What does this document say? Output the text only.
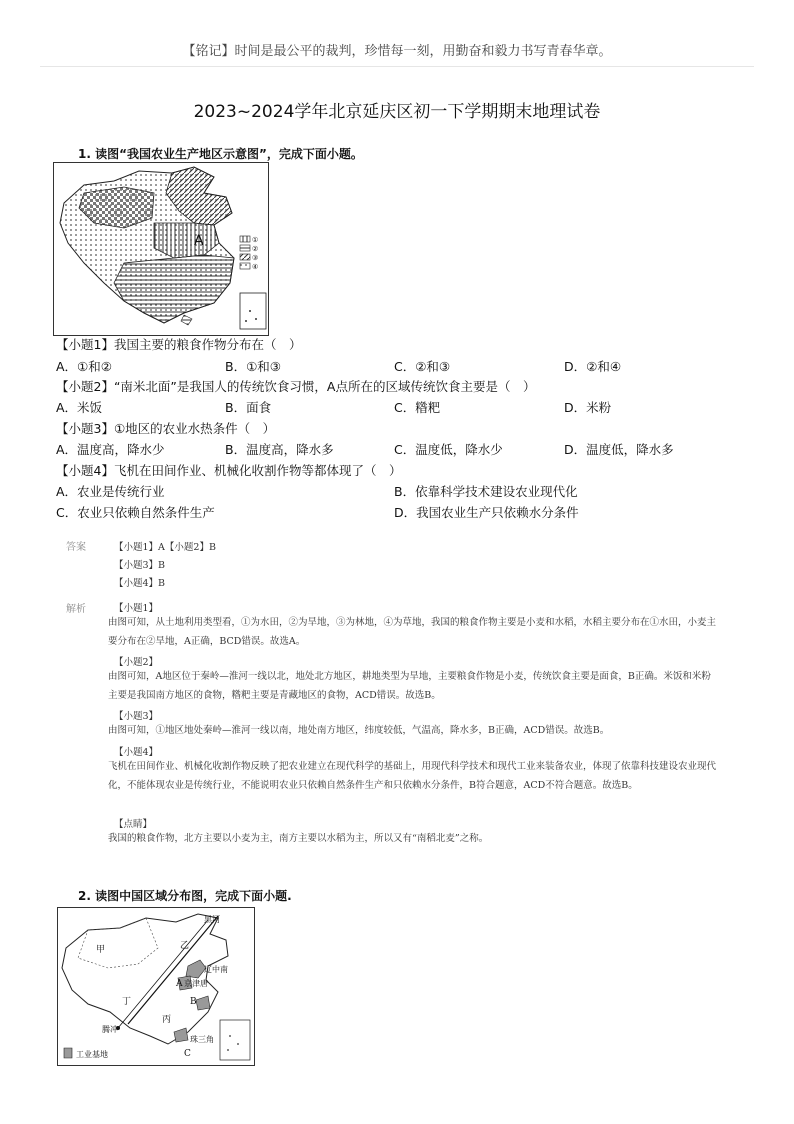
【铭记】时间是最公平的裁判，珍惜每一刻，用勤奋和毅力书写青春华章。
2023~2024学年北京延庆区初一下学期期末地理试卷
1. 读图“我国农业生产地区示意图”，完成下面小题。
A	①
②
③
④
【小题1】我国主要的粮食作物分布在（　）
A．①和②	B．①和③	C．②和③	D．②和④
【小题2】“南米北面”是我国人的传统饮食习惯，A点所在的区域传统饮食主要是（　）
A．米饭	B．面食	C．糌粑	D．米粉
【小题3】①地区的农业水热条件（　）
A．温度高，降水少	B．温度高，降水多	C．温度低，降水少	D．温度低，降水多
【小题4】飞机在田间作业、机械化收割作物等都体现了（　）
A．农业是传统行业	B．依靠科学技术建设农业现代化
C．农业只依赖自然条件生产	D．我国农业生产只依赖水分条件
答案	【小题1】A【小题2】B
【小题3】B
【小题4】B
解析	【小题1】
由图可知，从土地利用类型看，①为水田，②为旱地，③为林地，④为草地，我国的粮食作物主要是小麦和水稻，水稻主要分布在①水田，小麦主要分布在②旱地，A正确，BCD错误。故选A。
【小题2】
由图可知，A地区位于秦岭—淮河一线以北，地处北方地区，耕地类型为旱地，主要粮食作物是小麦，传统饮食主要是面食，B正确。米饭和米粉主要是我国南方地区的食物，糌粑主要是青藏地区的食物，ACD错误。故选B。
【小题3】
由图可知，①地区地处秦岭—淮河一线以南，地处南方地区，纬度较低，气温高，降水多，B正确，ACD错误。故选B。
【小题4】
飞机在田间作业、机械化收割作物反映了把农业建立在现代科学的基础上，用现代科学技术和现代工业来装备农业，体现了依靠科技建设农业现代化，不能体现农业是传统行业，不能说明农业只依赖自然条件生产和只依赖水分条件，B符合题意，ACD不符合题意。故选B。
【点睛】
我国的粮食作物，北方主要以小麦为主，南方主要以水稻为主，所以又有“南稻北麦”之称。
2. 读图中国区域分布图，完成下面小题.
黑河
甲	乙
辽中南
A 京津唐
B
丁
腾冲
丙
珠三角
C
工业基地
